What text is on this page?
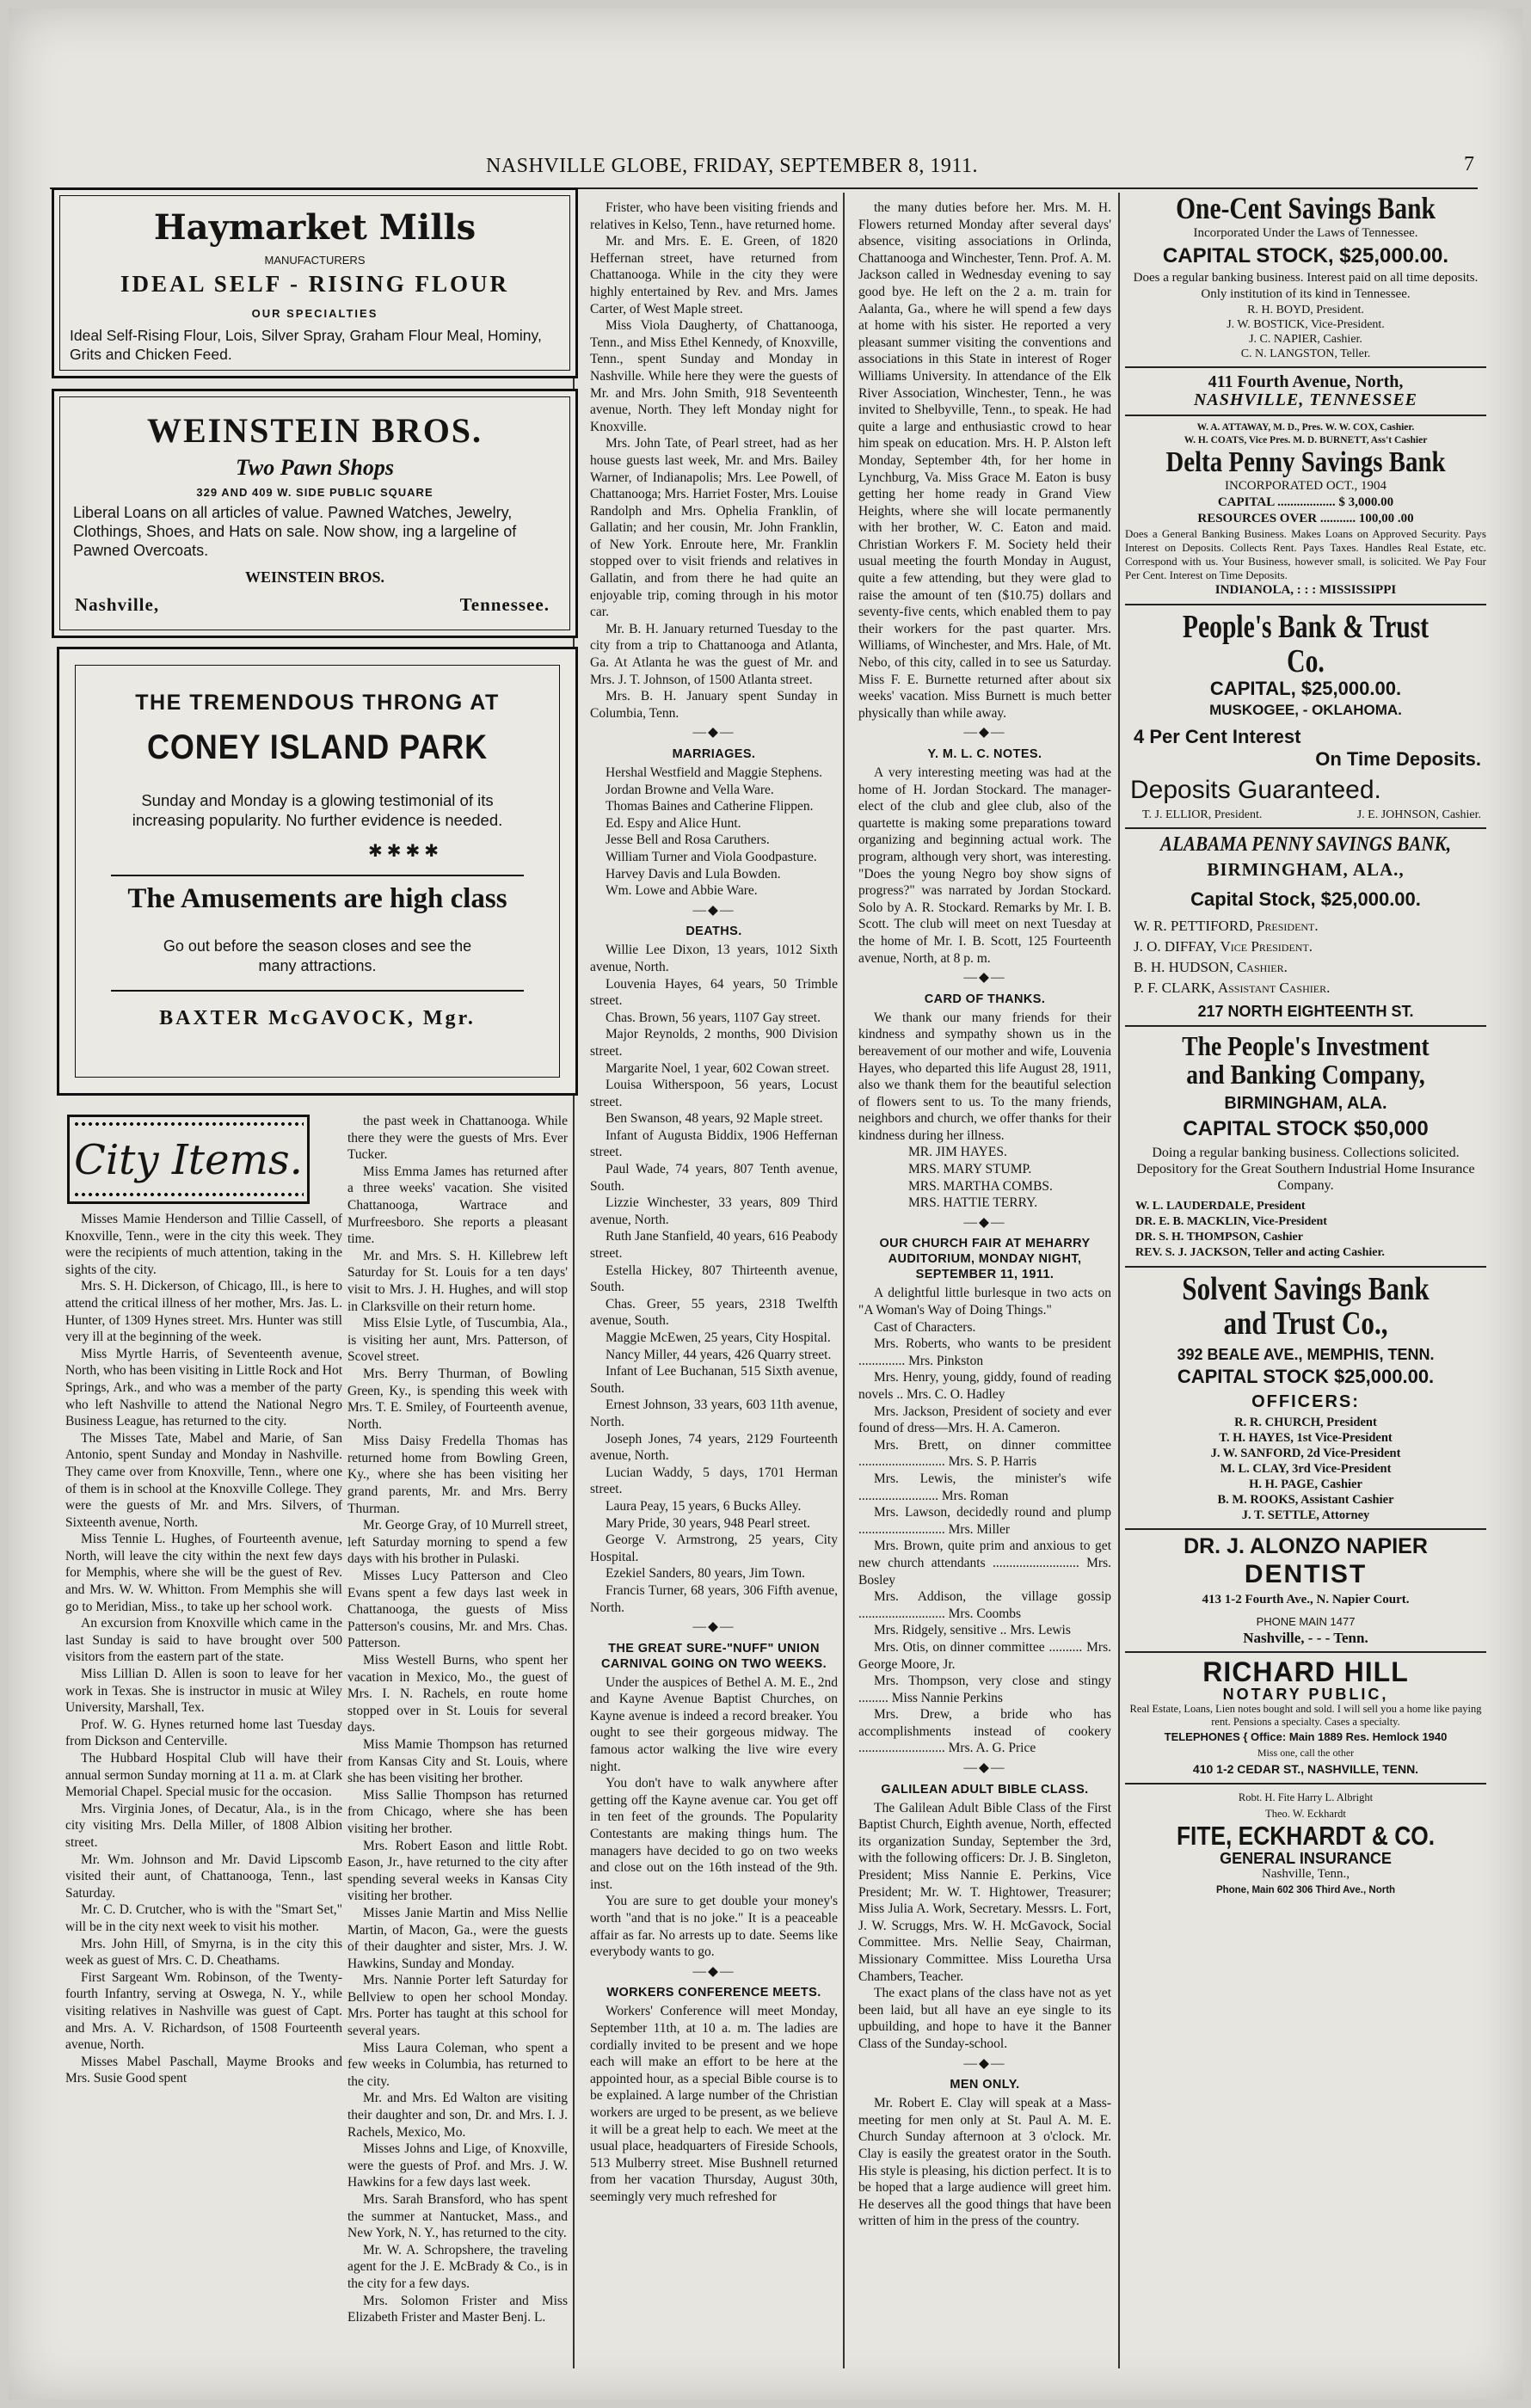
NASHVILLE GLOBE, FRIDAY, SEPTEMBER 8, 1911.	7
Haymarket Mills
MANUFACTURERS
IDEAL SELF - RISING FLOUR
OUR SPECIALTIES
Ideal Self-Rising Flour, Lois, Silver Spray, Graham Flour Meal, Hominy, Grits and Chicken Feed.
WEINSTEIN BROS.
Two Pawn Shops
329 AND 409 W. SIDE PUBLIC SQUARE
Liberal Loans on all articles of value. Pawned Watches, Jewelry, Clothings, Shoes, and Hats on sale. Now show, ing a largeline of Pawned Overcoats.
WEINSTEIN BROS.
Nashville,	Tennessee.
THE TREMENDOUS THRONG AT
CONEY ISLAND PARK
Sunday and Monday is a glowing testimonial of its increasing popularity. No further evidence is needed.
✱ ✱ ✱ ✱
The Amusements are high class
Go out before the season closes and see the many attractions.
BAXTER McGAVOCK, Mgr.
City Items.

Misses Mamie Henderson and Tillie Cassell, of Knoxville, Tenn., were in the city this week. They were the recipients of much attention, taking in the sights of the city.

Mrs. S. H. Dickerson, of Chicago, Ill., is here to attend the critical illness of her mother, Mrs. Jas. L. Hunter, of 1309 Hynes street. Mrs. Hunter was still very ill at the beginning of the week.

Miss Myrtle Harris, of Seventeenth avenue, North, who has been visiting in Little Rock and Hot Springs, Ark., and who was a member of the party who left Nashville to attend the National Negro Business League, has returned to the city.

The Misses Tate, Mabel and Marie, of San Antonio, spent Sunday and Monday in Nashville. They came over from Knoxville, Tenn., where one of them is in school at the Knoxville College. They were the guests of Mr. and Mrs. Silvers, of Sixteenth avenue, North.

Miss Tennie L. Hughes, of Fourteenth avenue, North, will leave the city within the next few days for Memphis, where she will be the guest of Rev. and Mrs. W. W. Whitton. From Memphis she will go to Meridian, Miss., to take up her school work.

An excursion from Knoxville which came in the last Sunday is said to have brought over 500 visitors from the eastern part of the state.

Miss Lillian D. Allen is soon to leave for her work in Texas. She is instructor in music at Wiley University, Marshall, Tex.

Prof. W. G. Hynes returned home last Tuesday from Dickson and Centerville.

The Hubbard Hospital Club will have their annual sermon Sunday morning at 11 a. m. at Clark Memorial Chapel. Special music for the occasion.

Mrs. Virginia Jones, of Decatur, Ala., is in the city visiting Mrs. Della Miller, of 1808 Albion street.

Mr. Wm. Johnson and Mr. David Lipscomb visited their aunt, of Chattanooga, Tenn., last Saturday.

Mr. C. D. Crutcher, who is with the "Smart Set," will be in the city next week to visit his mother.

Mrs. John Hill, of Smyrna, is in the city this week as guest of Mrs. C. D. Cheathams.

First Sargeant Wm. Robinson, of the Twenty-fourth Infantry, serving at Oswega, N. Y., while visiting relatives in Nashville was guest of Capt. and Mrs. A. V. Richardson, of 1508 Fourteenth avenue, North.

Misses Mabel Paschall, Mayme Brooks and Mrs. Susie Good spent

the past week in Chattanooga. While there they were the guests of Mrs. Ever Tucker.

Miss Emma James has returned after a three weeks' vacation. She visited Chattanooga, Wartrace and Murfreesboro. She reports a pleasant time.

Mr. and Mrs. S. H. Killebrew left Saturday for St. Louis for a ten days' visit to Mrs. J. H. Hughes, and will stop in Clarksville on their return home.

Miss Elsie Lytle, of Tuscumbia, Ala., is visiting her aunt, Mrs. Patterson, of Scovel street.

Mrs. Berry Thurman, of Bowling Green, Ky., is spending this week with Mrs. T. E. Smiley, of Fourteenth avenue, North.

Miss Daisy Fredella Thomas has returned home from Bowling Green, Ky., where she has been visiting her grand parents, Mr. and Mrs. Berry Thurman.

Mr. George Gray, of 10 Murrell street, left Saturday morning to spend a few days with his brother in Pulaski.

Misses Lucy Patterson and Cleo Evans spent a few days last week in Chattanooga, the guests of Miss Patterson's cousins, Mr. and Mrs. Chas. Patterson.

Miss Westell Burns, who spent her vacation in Mexico, Mo., the guest of Mrs. I. N. Rachels, en route home stopped over in St. Louis for several days.

Miss Mamie Thompson has returned from Kansas City and St. Louis, where she has been visiting her brother.

Miss Sallie Thompson has returned from Chicago, where she has been visiting her brother.

Mrs. Robert Eason and little Robt. Eason, Jr., have returned to the city after spending several weeks in Kansas City visiting her brother.

Misses Janie Martin and Miss Nellie Martin, of Macon, Ga., were the guests of their daughter and sister, Mrs. J. W. Hawkins, Sunday and Monday.

Mrs. Nannie Porter left Saturday for Bellview to open her school Monday. Mrs. Porter has taught at this school for several years.

Miss Laura Coleman, who spent a few weeks in Columbia, has returned to the city.

Mr. and Mrs. Ed Walton are visiting their daughter and son, Dr. and Mrs. I. J. Rachels, Mexico, Mo.

Misses Johns and Lige, of Knoxville, were the guests of Prof. and Mrs. J. W. Hawkins for a few days last week.

Mrs. Sarah Bransford, who has spent the summer at Nantucket, Mass., and New York, N. Y., has returned to the city.

Mr. W. A. Schropshere, the traveling agent for the J. E. McBrady & Co., is in the city for a few days.

Mrs. Solomon Frister and Miss Elizabeth Frister and Master Benj. L.

Frister, who have been visiting friends and relatives in Kelso, Tenn., have returned home.

Mr. and Mrs. E. E. Green, of 1820 Heffernan street, have returned from Chattanooga. While in the city they were highly entertained by Rev. and Mrs. James Carter, of West Maple street.

Miss Viola Daugherty, of Chattanooga, Tenn., and Miss Ethel Kennedy, of Knoxville, Tenn., spent Sunday and Monday in Nashville. While here they were the guests of Mr. and Mrs. John Smith, 918 Seventeenth avenue, North. They left Monday night for Knoxville.

Mrs. John Tate, of Pearl street, had as her house guests last week, Mr. and Mrs. Bailey Warner, of Indianapolis; Mrs. Lee Powell, of Chattanooga; Mrs. Harriet Foster, Mrs. Louise Randolph and Mrs. Ophelia Franklin, of Gallatin; and her cousin, Mr. John Franklin, of New York. Enroute here, Mr. Franklin stopped over to visit friends and relatives in Gallatin, and from there he had quite an enjoyable trip, coming through in his motor car.

Mr. B. H. January returned Tuesday to the city from a trip to Chattanooga and Atlanta, Ga. At Atlanta he was the guest of Mr. and Mrs. J. T. Johnson, of 1500 Atlanta street.

Mrs. B. H. January spent Sunday in Columbia, Tenn.

—◆—
MARRIAGES.

Hershal Westfield and Maggie Stephens.

Jordan Browne and Vella Ware.

Thomas Baines and Catherine Flippen.

Ed. Espy and Alice Hunt.

Jesse Bell and Rosa Caruthers.

William Turner and Viola Goodpasture.

Harvey Davis and Lula Bowden.

Wm. Lowe and Abbie Ware.

—◆—
DEATHS.

Willie Lee Dixon, 13 years, 1012 Sixth avenue, North.

Louvenia Hayes, 64 years, 50 Trimble street.

Chas. Brown, 56 years, 1107 Gay street.

Major Reynolds, 2 months, 900 Division street.

Margarite Noel, 1 year, 602 Cowan street.

Louisa Witherspoon, 56 years, Locust street.

Ben Swanson, 48 years, 92 Maple street.

Infant of Augusta Biddix, 1906 Heffernan street.

Paul Wade, 74 years, 807 Tenth avenue, South.

Lizzie Winchester, 33 years, 809 Third avenue, North.

Ruth Jane Stanfield, 40 years, 616 Peabody street.

Estella Hickey, 807 Thirteenth avenue, South.

Chas. Greer, 55 years, 2318 Twelfth avenue, South.

Maggie McEwen, 25 years, City Hospital.

Nancy Miller, 44 years, 426 Quarry street.

Infant of Lee Buchanan, 515 Sixth avenue, South.

Ernest Johnson, 33 years, 603 11th avenue, North.

Joseph Jones, 74 years, 2129 Fourteenth avenue, North.

Lucian Waddy, 5 days, 1701 Herman street.

Laura Peay, 15 years, 6 Bucks Alley.

Mary Pride, 30 years, 948 Pearl street.

George V. Armstrong, 25 years, City Hospital.

Ezekiel Sanders, 80 years, Jim Town.

Francis Turner, 68 years, 306 Fifth avenue, North.

—◆—
THE GREAT SURE-"NUFF" UNION CARNIVAL GOING ON TWO WEEKS.

Under the auspices of Bethel A. M. E., 2nd and Kayne Avenue Baptist Churches, on Kayne avenue is indeed a record breaker. You ought to see their gorgeous midway. The famous actor walking the live wire every night.

You don't have to walk anywhere after getting off the Kayne avenue car. You get off in ten feet of the grounds. The Popularity Contestants are making things hum. The managers have decided to go on two weeks and close out on the 16th instead of the 9th. inst.

You are sure to get double your money's worth "and that is no joke." It is a peaceable affair as far. No arrests up to date. Seems like everybody wants to go.

—◆—
WORKERS CONFERENCE MEETS.

Workers' Conference will meet Monday, September 11th, at 10 a. m. The ladies are cordially invited to be present and we hope each will make an effort to be here at the appointed hour, as a special Bible course is to be explained. A large number of the Christian workers are urged to be present, as we believe it will be a great help to each. We meet at the usual place, headquarters of Fireside Schools, 513 Mulberry street. Mise Bushnell returned from her vacation Thursday, August 30th, seemingly very much refreshed for

the many duties before her. Mrs. M. H. Flowers returned Monday after several days' absence, visiting associations in Orlinda, Chattanooga and Winchester, Tenn. Prof. A. M. Jackson called in Wednesday evening to say good bye. He left on the 2 a. m. train for Aalanta, Ga., where he will spend a few days at home with his sister. He reported a very pleasant summer visiting the conventions and associations in this State in interest of Roger Williams University. In attendance of the Elk River Association, Winchester, Tenn., he was invited to Shelbyville, Tenn., to speak. He had quite a large and enthusiastic crowd to hear him speak on education. Mrs. H. P. Alston left Monday, September 4th, for her home in Lynchburg, Va. Miss Grace M. Eaton is busy getting her home ready in Grand View Heights, where she will locate permanently with her brother, W. C. Eaton and maid. Christian Workers F. M. Society held their usual meeting the fourth Monday in August, quite a few attending, but they were glad to raise the amount of ten ($10.75) dollars and seventy-five cents, which enabled them to pay their workers for the past quarter. Mrs. Williams, of Winchester, and Mrs. Hale, of Mt. Nebo, of this city, called in to see us Saturday. Miss F. E. Burnette returned after about six weeks' vacation. Miss Burnett is much better physically than while away.

—◆—
Y. M. L. C. NOTES.

A very interesting meeting was had at the home of H. Jordan Stockard. The manager-elect of the club and glee club, also of the quartette is making some preparations toward organizing and beginning actual work. The program, although very short, was interesting. "Does the young Negro boy show signs of progress?" was narrated by Jordan Stockard. Solo by A. R. Stockard. Remarks by Mr. I. B. Scott. The club will meet on next Tuesday at the home of Mr. I. B. Scott, 125 Fourteenth avenue, North, at 8 p. m.

—◆—
CARD OF THANKS.

We thank our many friends for their kindness and sympathy shown us in the bereavement of our mother and wife, Louvenia Hayes, who departed this life August 28, 1911, also we thank them for the beautiful selection of flowers sent to us. To the many friends, neighbors and church, we offer thanks for their kindness during her illness.

MR. JIM HAYES.

MRS. MARY STUMP.

MRS. MARTHA COMBS.

MRS. HATTIE TERRY.

—◆—
OUR CHURCH FAIR AT MEHARRY AUDITORIUM, MONDAY NIGHT, SEPTEMBER 11, 1911.

A delightful little burlesque in two acts on "A Woman's Way of Doing Things."

Cast of Characters.

Mrs. Roberts, who wants to be president .............. Mrs. Pinkston

Mrs. Henry, young, giddy, found of reading novels .. Mrs. C. O. Hadley

Mrs. Jackson, President of society and ever found of dress—Mrs. H. A. Cameron.

Mrs. Brett, on dinner committee .......................... Mrs. S. P. Harris

Mrs. Lewis, the minister's wife ........................ Mrs. Roman

Mrs. Lawson, decidedly round and plump .......................... Mrs. Miller

Mrs. Brown, quite prim and anxious to get new church attendants .......................... Mrs. Bosley

Mrs. Addison, the village gossip .......................... Mrs. Coombs

Mrs. Ridgely, sensitive .. Mrs. Lewis

Mrs. Otis, on dinner committee .......... Mrs. George Moore, Jr.

Mrs. Thompson, very close and stingy ......... Miss Nannie Perkins

Mrs. Drew, a bride who has accomplishments instead of cookery .......................... Mrs. A. G. Price

—◆—
GALILEAN ADULT BIBLE CLASS.

The Galilean Adult Bible Class of the First Baptist Church, Eighth avenue, North, effected its organization Sunday, September the 3rd, with the following officers: Dr. J. B. Singleton, President; Miss Nannie E. Perkins, Vice President; Mr. W. T. Hightower, Treasurer; Miss Julia A. Work, Secretary. Messrs. L. Fort, J. W. Scruggs, Mrs. W. H. McGavock, Social Committee. Mrs. Nellie Seay, Chairman, Missionary Committee. Miss Louretha Ursa Chambers, Teacher.

The exact plans of the class have not as yet been laid, but all have an eye single to its upbuilding, and hope to have it the Banner Class of the Sunday-school.

—◆—
MEN ONLY.

Mr. Robert E. Clay will speak at a Mass-meeting for men only at St. Paul A. M. E. Church Sunday afternoon at 3 o'clock. Mr. Clay is easily the greatest orator in the South. His style is pleasing, his diction perfect. It is to be hoped that a large audience will greet him. He deserves all the good things that have been written of him in the press of the country.

One-Cent Savings Bank
Incorporated Under the Laws of Tennessee.
CAPITAL STOCK, $25,000.00.
Does a regular banking business. Interest paid on all time deposits. Only institution of its kind in Tennessee.
R. H. BOYD, President.
J. W. BOSTICK, Vice-President.
J. C. NAPIER, Cashier.
C. N. LANGSTON, Teller.
411 Fourth Avenue, North,
NASHVILLE, TENNESSEE
W. A. ATTAWAY, M. D., Pres. W. W. COX, Cashier.
W. H. COATS, Vice Pres. M. D. BURNETT, Ass't Cashier
Delta Penny Savings Bank
INCORPORATED OCT., 1904
CAPITAL .................. $ 3,000.00
RESOURCES OVER ........... 100,00 .00
Does a General Banking Business. Makes Loans on Approved Security. Pays Interest on Deposits. Collects Rent. Pays Taxes. Handles Real Estate, etc. Correspond with us. Your Business, however small, is solicited. We Pay Four Per Cent. Interest on Time Deposits.
INDIANOLA, : : : MISSISSIPPI
People's Bank & Trust Co.
CAPITAL, $25,000.00.
MUSKOGEE, - OKLAHOMA.
4 Per Cent Interest
On Time Deposits.
Deposits Guaranteed.
T. J. ELLIOR, President.	J. E. JOHNSON, Cashier.
ALABAMA PENNY SAVINGS BANK,
BIRMINGHAM, ALA.,
Capital Stock, $25,000.00.
W. R. PETTIFORD, President.
J. O. DIFFAY, Vice President.
B. H. HUDSON, Cashier.
P. F. CLARK, Assistant Cashier.
217 NORTH EIGHTEENTH ST.
The People's Investment
and Banking Company,
BIRMINGHAM, ALA.
CAPITAL STOCK $50,000
Doing a regular banking business. Collections solicited. Depository for the Great Southern Industrial Home Insurance Company.
W. L. LAUDERDALE, President
DR. E. B. MACKLIN, Vice-President
DR. S. H. THOMPSON, Cashier
REV. S. J. JACKSON, Teller and acting Cashier.
Solvent Savings Bank
and Trust Co.,
392 BEALE AVE., MEMPHIS, TENN.
CAPITAL STOCK $25,000.00.
OFFICERS:
R. R. CHURCH, President
T. H. HAYES, 1st Vice-President
J. W. SANFORD, 2d Vice-President
M. L. CLAY, 3rd Vice-President
H. H. PAGE, Cashier
B. M. ROOKS, Assistant Cashier
J. T. SETTLE, Attorney
DR. J. ALONZO NAPIER
DENTIST
413 1-2 Fourth Ave., N. Napier Court.
PHONE MAIN 1477
Nashville, - - - Tenn.
RICHARD HILL
NOTARY PUBLIC,
Real Estate, Loans, Lien notes bought and sold. I will sell you a home like paying rent. Pensions a specialty. Cases a specialty.
TELEPHONES { Office: Main 1889 Res. Hemlock 1940
Miss one, call the other
410 1-2 CEDAR ST., NASHVILLE, TENN.
Robt. H. Fite Harry L. Albright
Theo. W. Eckhardt
FITE, ECKHARDT & CO.
GENERAL INSURANCE
Nashville, Tenn.,
Phone, Main 602 306 Third Ave., North
